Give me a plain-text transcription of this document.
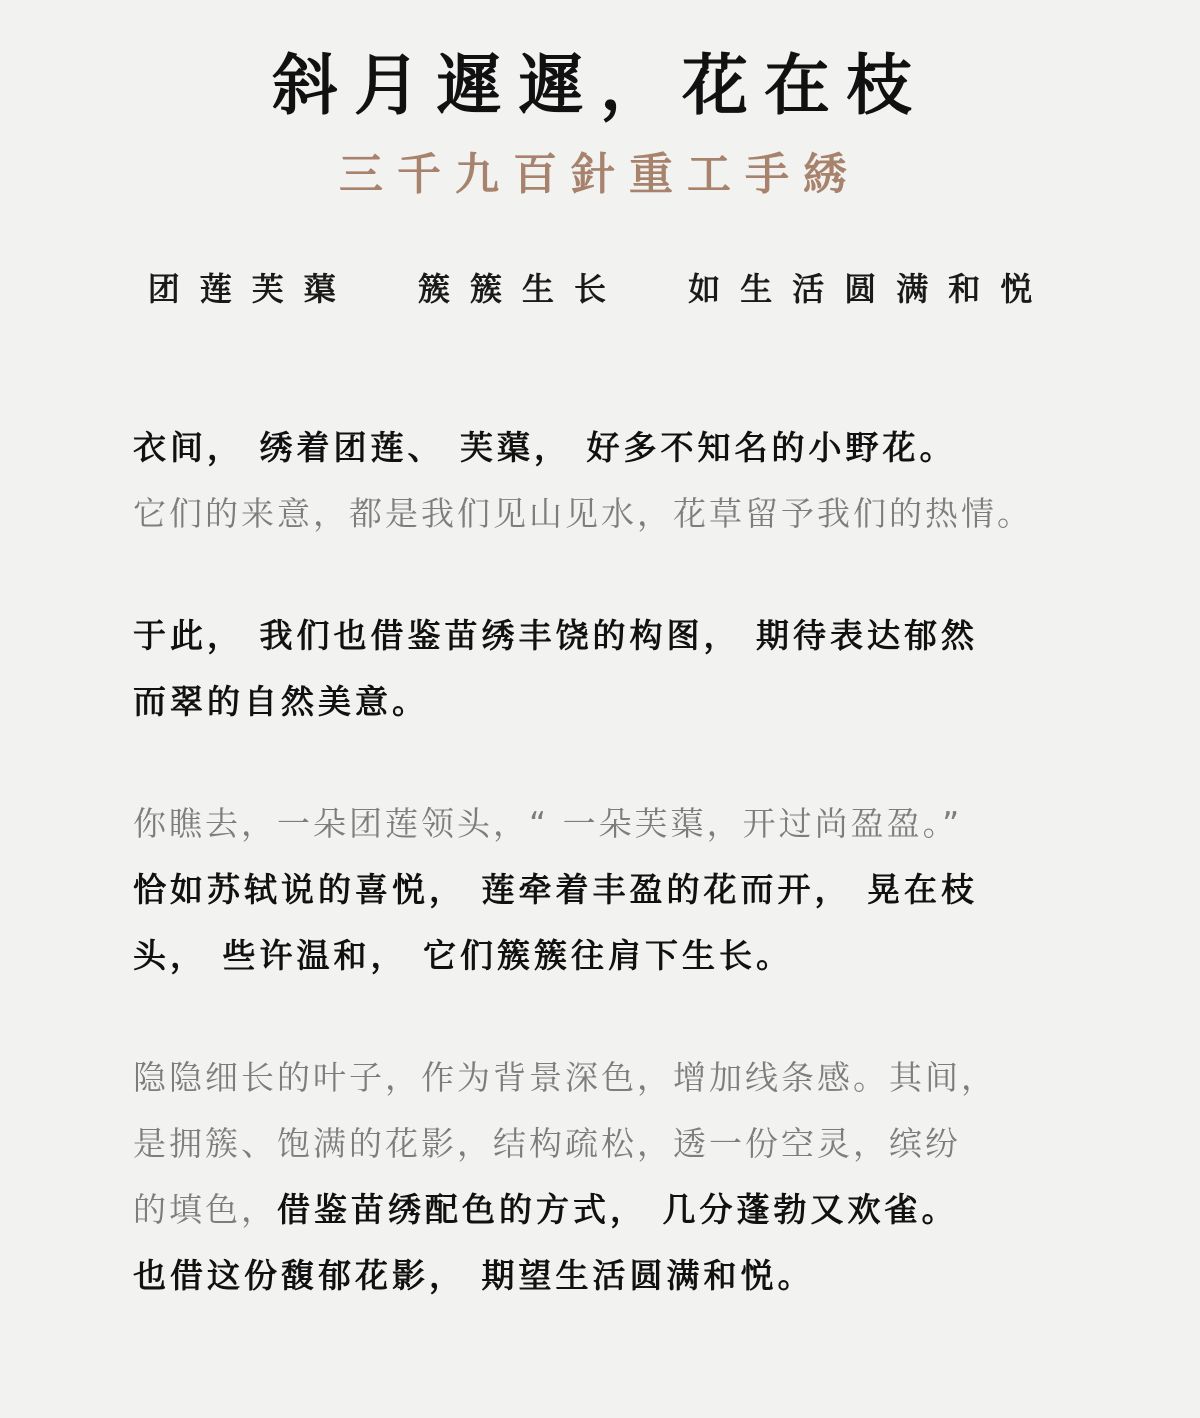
斜月遲遲，花在枝
三千九百針重工手綉
团莲芙蕖  簇簇生长  如生活圆满和悦
衣间， 绣着团莲、 芙蕖， 好多不知名的小野花。
它们的来意，都是我们见山见水，花草留予我们的热情。
于此， 我们也借鉴苗绣丰饶的构图， 期待表达郁然
而翠的自然美意。
你瞧去，一朵团莲领头，“ 一朵芙蕖，开过尚盈盈。”
恰如苏轼说的喜悦， 莲牵着丰盈的花而开， 晃在枝
头， 些许温和， 它们簇簇往肩下生长。
隐隐细长的叶子，作为背景深色，增加线条感。其间，
是拥簇、饱满的花影，结构疏松，透一份空灵，缤纷
的填色，借鉴苗绣配色的方式， 几分蓬勃又欢雀。
也借这份馥郁花影， 期望生活圆满和悦。
